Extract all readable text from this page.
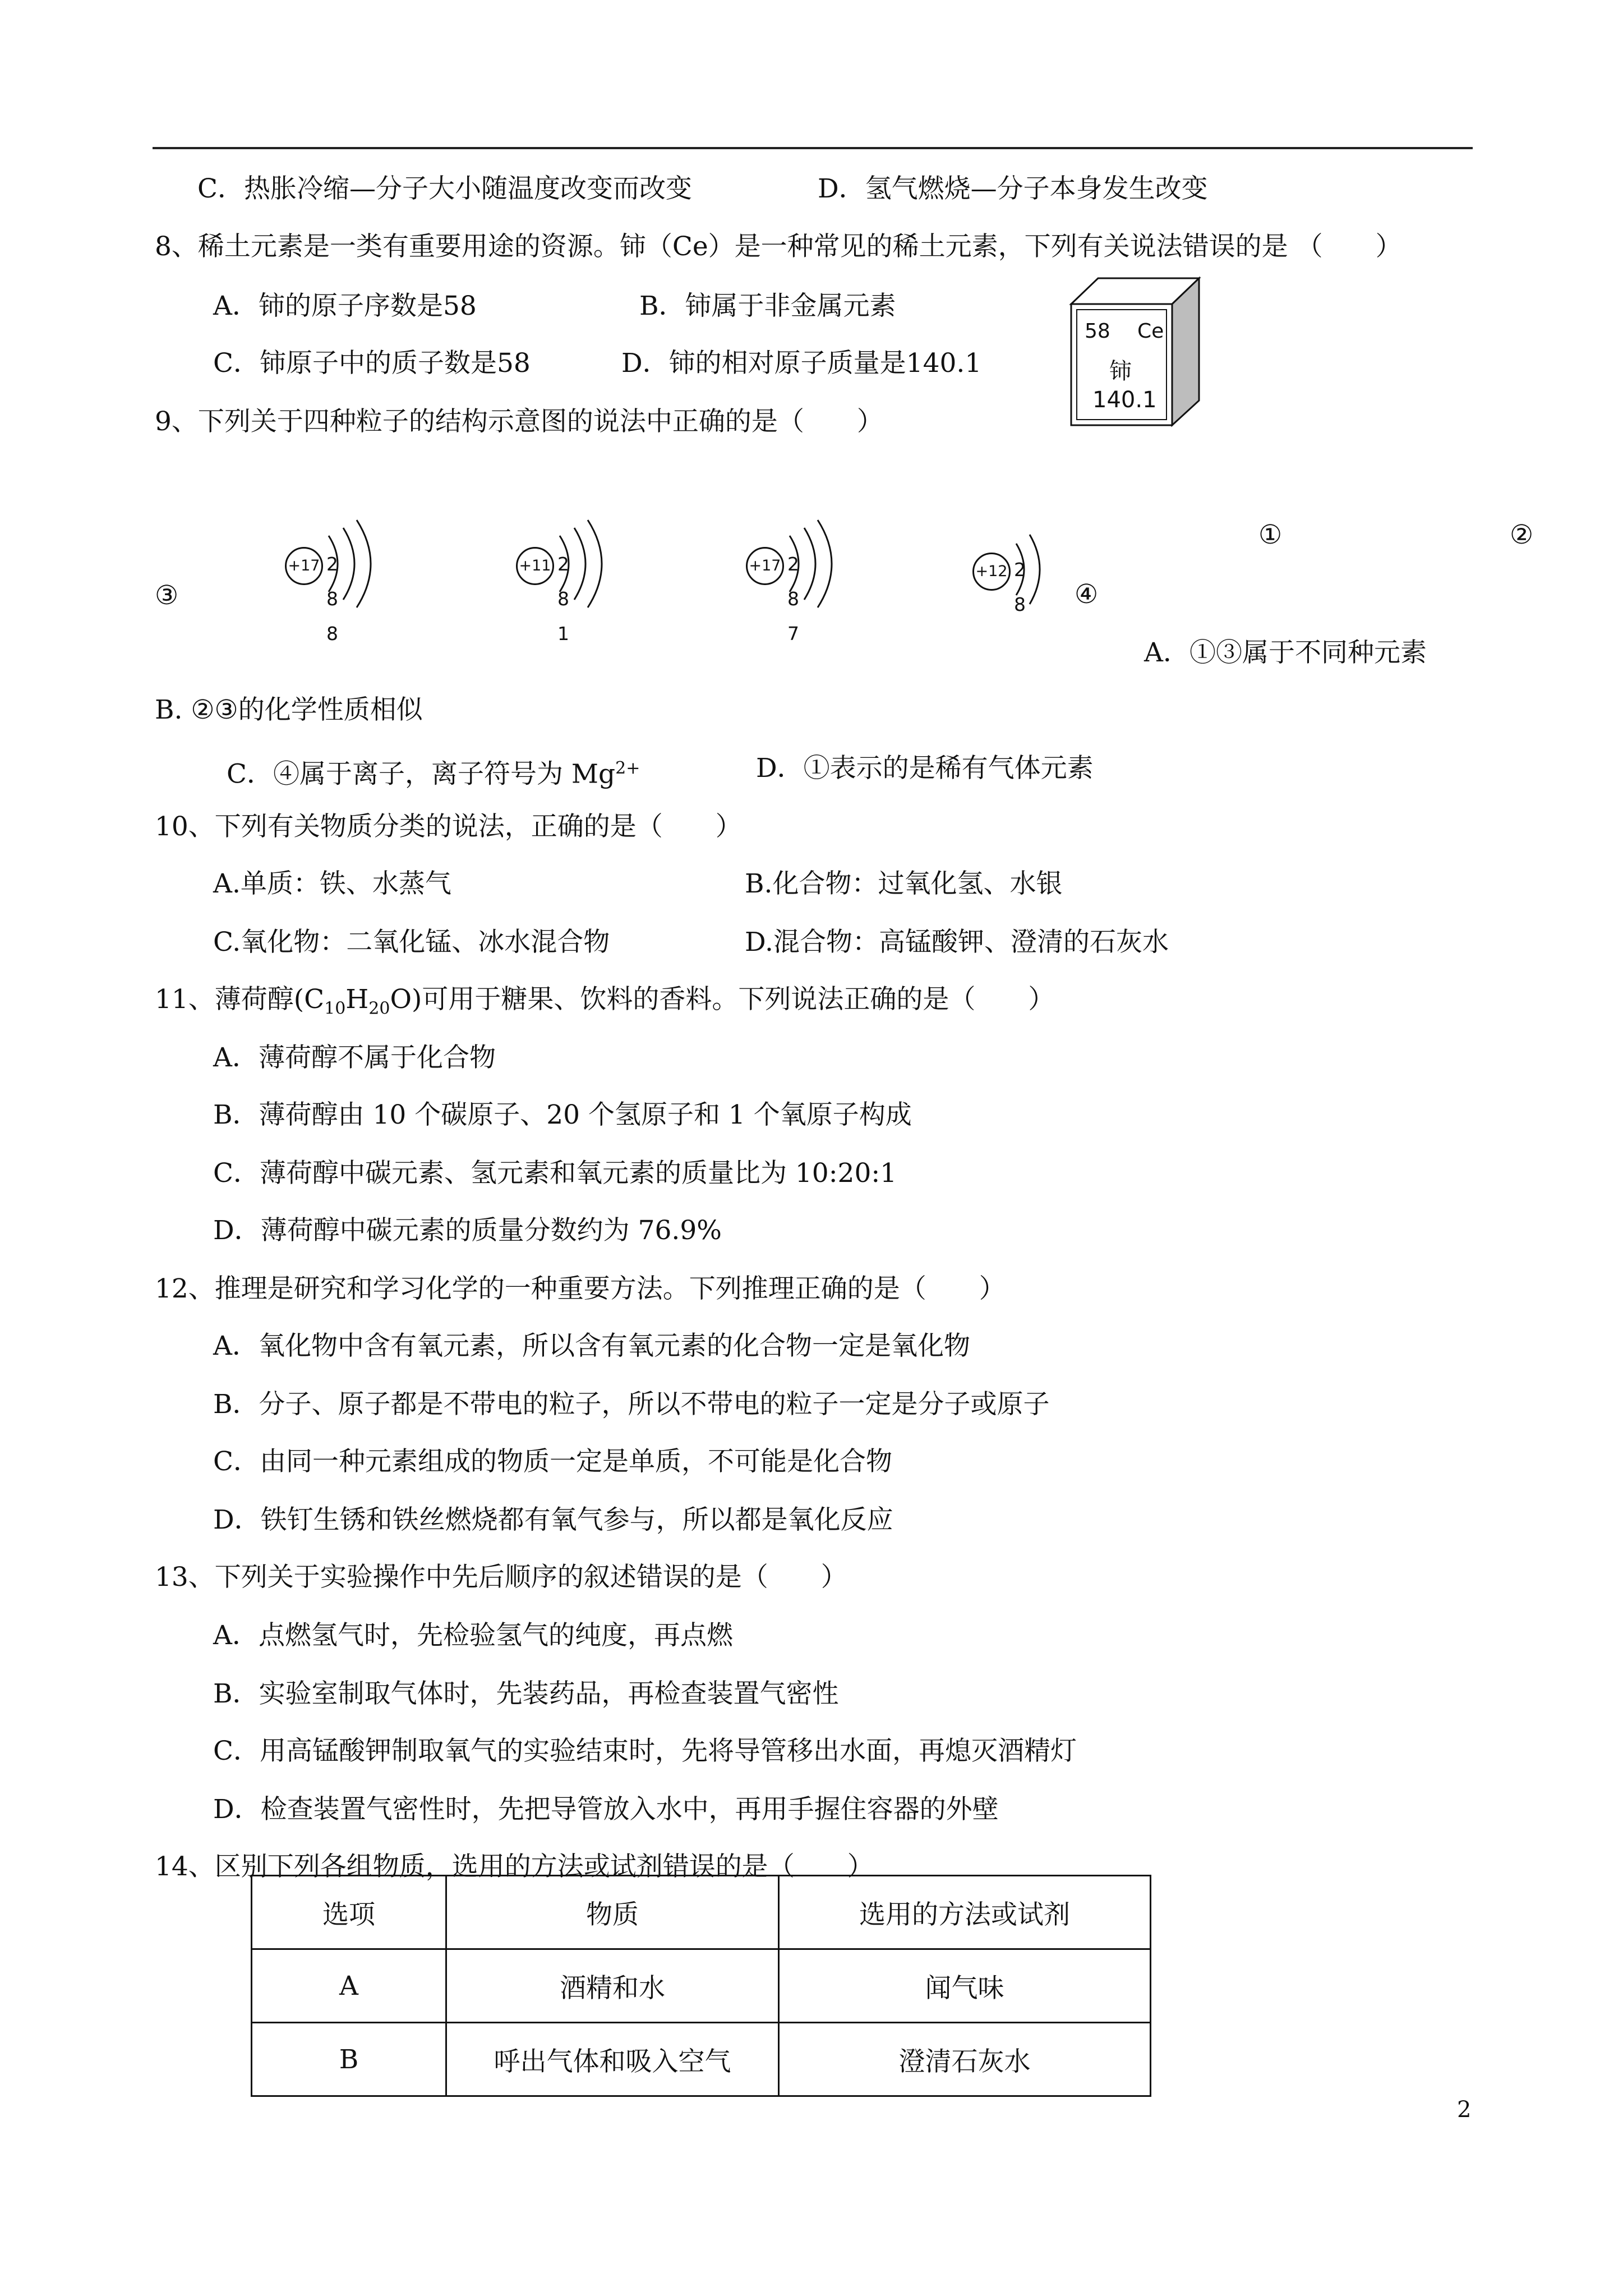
C．热胀冷缩—分子大小随温度改变而改变	D．氢气燃烧—分子本身发生改变
8、稀土元素是一类有重要用途的资源。铈（Ce）是一种常见的稀土元素，下列有关说法错误的是 （　　）
A．铈的原子序数是58	B．铈属于非金属元素
C．铈原子中的质子数是58	D．铈的相对原子质量是140.1
58 Ce
铈
140.1
9、下列关于四种粒子的结构示意图的说法中正确的是（　　）
+17 2 8 8
+11 2 8 1
+17 2 8 7
+12 2 8
①	②
③	④
A．①③属于不同种元素
B. ②③的化学性质相似
C．④属于离子，离子符号为 $Mg^{2+}$	D．①表示的是稀有气体元素
10、下列有关物质分类的说法，正确的是（　　）
A.单质：铁、水蒸气	B.化合物：过氧化氢、水银
C.氧化物：二氧化锰、冰水混合物	D.混合物：高锰酸钾、澄清的石灰水
11、薄荷醇$(C_{10}H_{20}O)$可用于糖果、饮料的香料。下列说法正确的是（　　）
A．薄荷醇不属于化合物
B．薄荷醇由 10 个碳原子、20 个氢原子和 1 个氧原子构成
C．薄荷醇中碳元素、氢元素和氧元素的质量比为 10:20:1
D．薄荷醇中碳元素的质量分数约为 76.9%
12、推理是研究和学习化学的一种重要方法。下列推理正确的是（　　）
A．氧化物中含有氧元素，所以含有氧元素的化合物一定是氧化物
B．分子、原子都是不带电的粒子，所以不带电的粒子一定是分子或原子
C．由同一种元素组成的物质一定是单质，不可能是化合物
D．铁钉生锈和铁丝燃烧都有氧气参与，所以都是氧化反应
13、下列关于实验操作中先后顺序的叙述错误的是（　　）
A．点燃氢气时，先检验氢气的纯度，再点燃
B．实验室制取气体时，先装药品，再检查装置气密性
C．用高锰酸钾制取氧气的实验结束时，先将导管移出水面，再熄灭酒精灯
D．检查装置气密性时，先把导管放入水中，再用手握住容器的外壁
14、区别下列各组物质，选用的方法或试剂错误的是（　　）
选项	物质	选用的方法或试剂
A	酒精和水	闻气味
B	呼出气体和吸入空气	澄清石灰水
2
